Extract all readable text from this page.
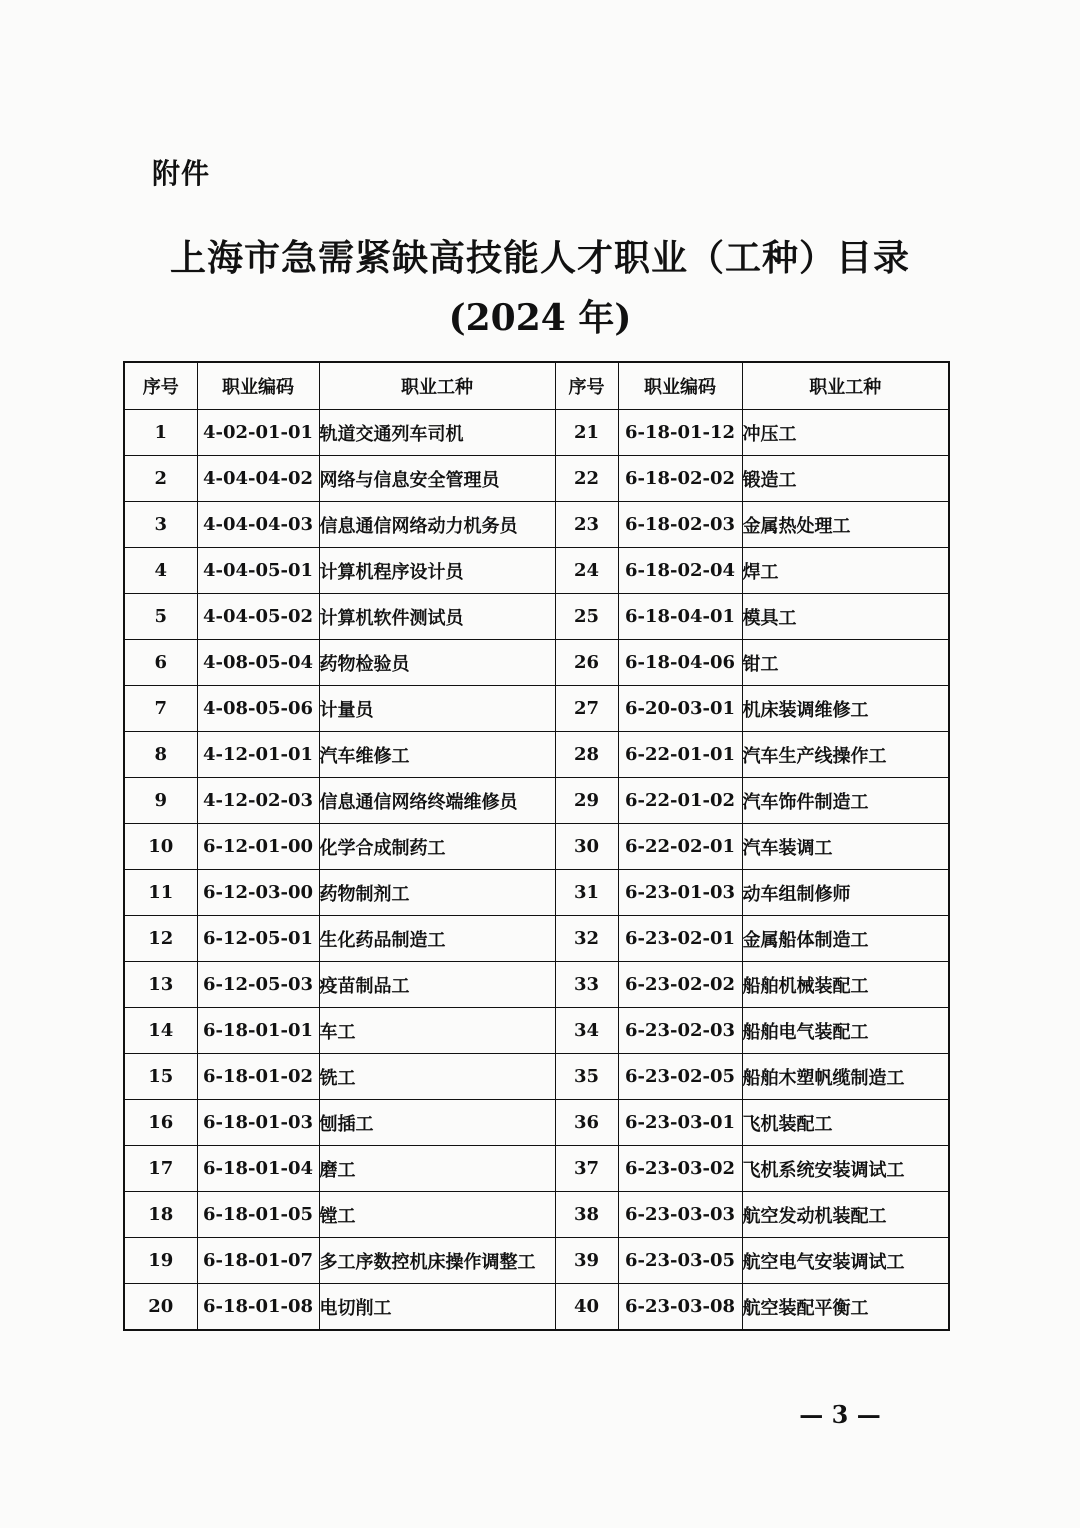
附件
上海市急需紧缺高技能人才职业（工种）目录
(2024 年)
序号	职业编码	职业工种	序号	职业编码	职业工种
1	4-02-01-01	轨道交通列车司机	21	6-18-01-12	冲压工
2	4-04-04-02	网络与信息安全管理员	22	6-18-02-02	锻造工
3	4-04-04-03	信息通信网络动力机务员	23	6-18-02-03	金属热处理工
4	4-04-05-01	计算机程序设计员	24	6-18-02-04	焊工
5	4-04-05-02	计算机软件测试员	25	6-18-04-01	模具工
6	4-08-05-04	药物检验员	26	6-18-04-06	钳工
7	4-08-05-06	计量员	27	6-20-03-01	机床装调维修工
8	4-12-01-01	汽车维修工	28	6-22-01-01	汽车生产线操作工
9	4-12-02-03	信息通信网络终端维修员	29	6-22-01-02	汽车饰件制造工
10	6-12-01-00	化学合成制药工	30	6-22-02-01	汽车装调工
11	6-12-03-00	药物制剂工	31	6-23-01-03	动车组制修师
12	6-12-05-01	生化药品制造工	32	6-23-02-01	金属船体制造工
13	6-12-05-03	疫苗制品工	33	6-23-02-02	船舶机械装配工
14	6-18-01-01	车工	34	6-23-02-03	船舶电气装配工
15	6-18-01-02	铣工	35	6-23-02-05	船舶木塑帆缆制造工
16	6-18-01-03	刨插工	36	6-23-03-01	飞机装配工
17	6-18-01-04	磨工	37	6-23-03-02	飞机系统安装调试工
18	6-18-01-05	镗工	38	6-23-03-03	航空发动机装配工
19	6-18-01-07	多工序数控机床操作调整工	39	6-23-03-05	航空电气安装调试工
20	6-18-01-08	电切削工	40	6-23-03-08	航空装配平衡工
— 3 —
